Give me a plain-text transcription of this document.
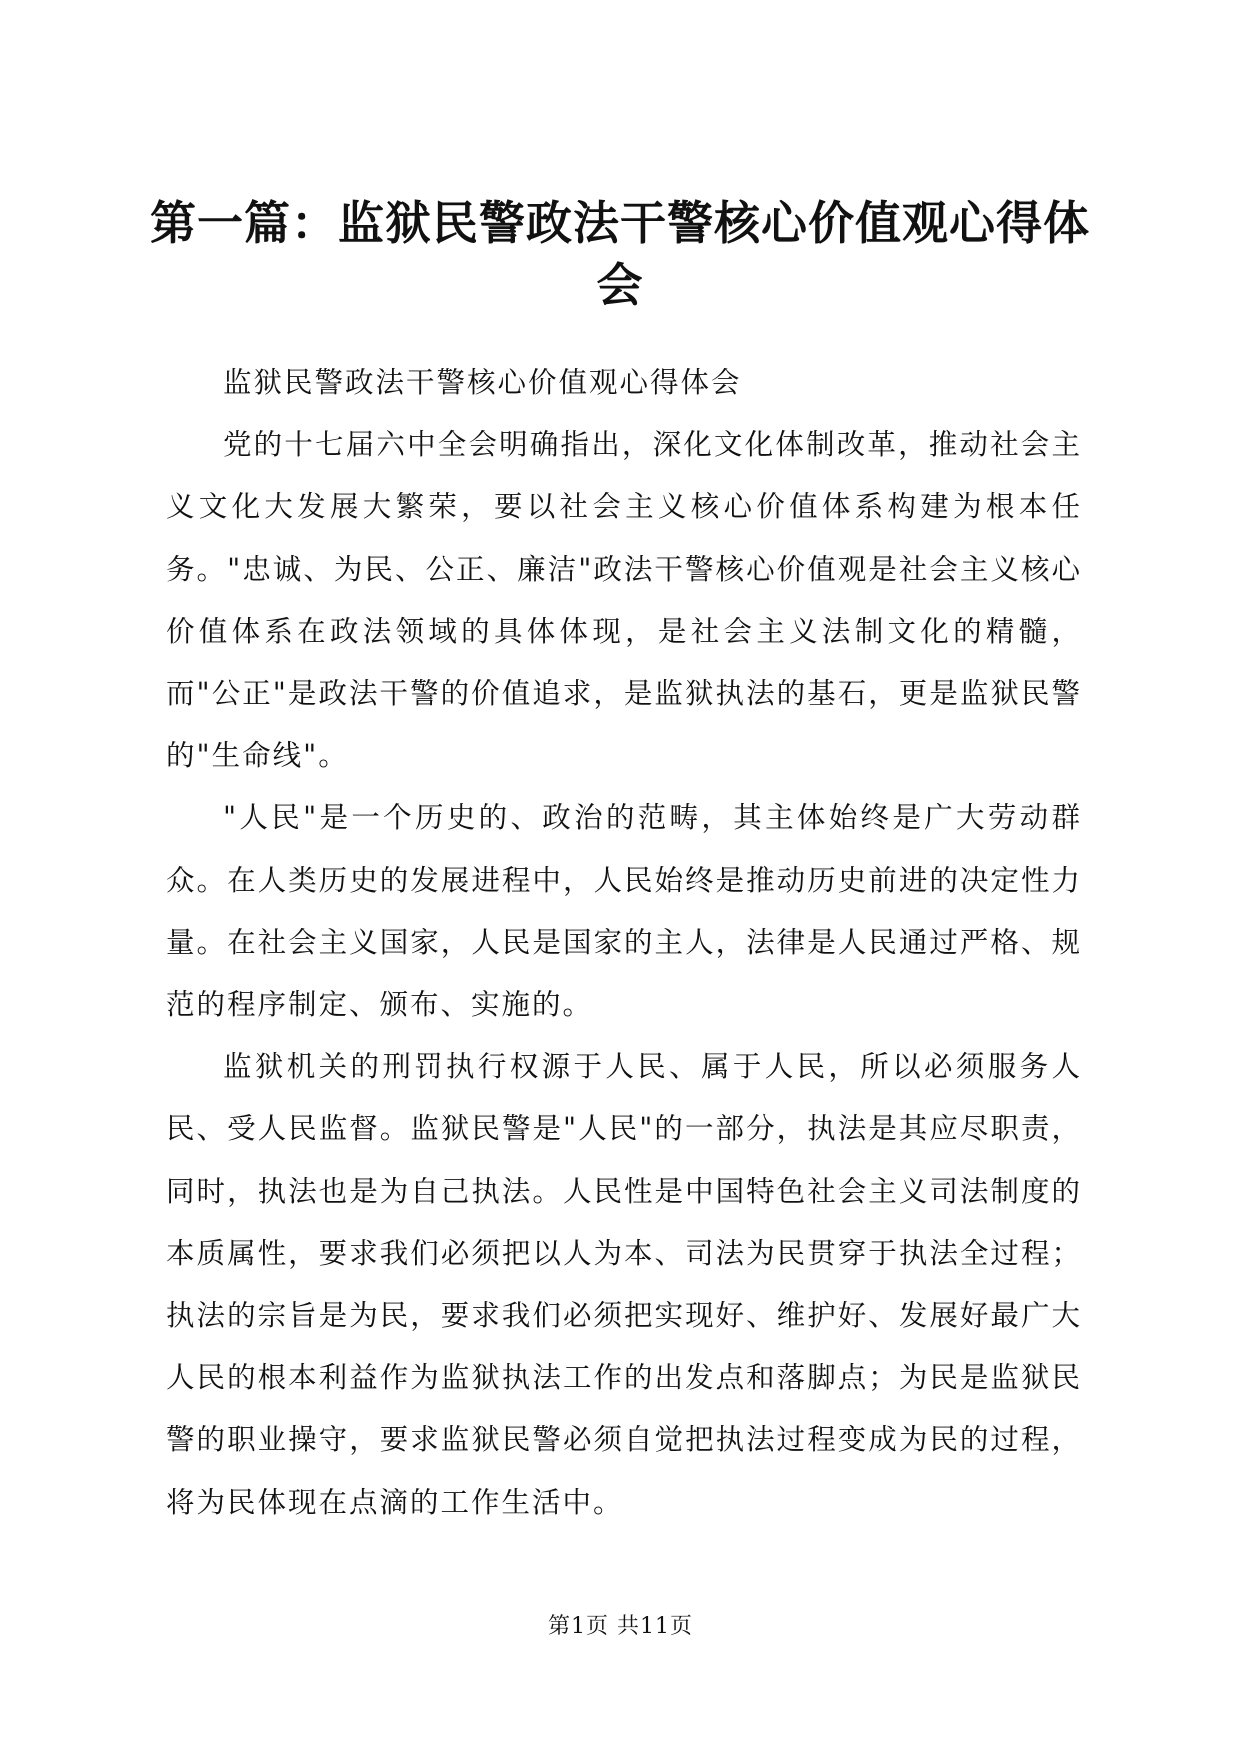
第一篇：监狱民警政法干警核心价值观心得体会

监狱民警政法干警核心价值观心得体会

党的十七届六中全会明确指出，深化文化体制改革，推动社会主义文化大发展大繁荣，要以社会主义核心价值体系构建为根本任务。"忠诚、为民、公正、廉洁"政法干警核心价值观是社会主义核心价值体系在政法领域的具体体现，是社会主义法制文化的精髓，而"公正"是政法干警的价值追求，是监狱执法的基石，更是监狱民警的"生命线"。

"人民"是一个历史的、政治的范畴，其主体始终是广大劳动群众。在人类历史的发展进程中，人民始终是推动历史前进的决定性力量。在社会主义国家，人民是国家的主人，法律是人民通过严格、规范的程序制定、颁布、实施的。

监狱机关的刑罚执行权源于人民、属于人民，所以必须服务人民、受人民监督。监狱民警是"人民"的一部分，执法是其应尽职责，同时，执法也是为自己执法。人民性是中国特色社会主义司法制度的本质属性，要求我们必须把以人为本、司法为民贯穿于执法全过程；执法的宗旨是为民，要求我们必须把实现好、维护好、发展好最广大人民的根本利益作为监狱执法工作的出发点和落脚点；为民是监狱民警的职业操守，要求监狱民警必须自觉把执法过程变成为民的过程，将为民体现在点滴的工作生活中。

第1页 共11页
